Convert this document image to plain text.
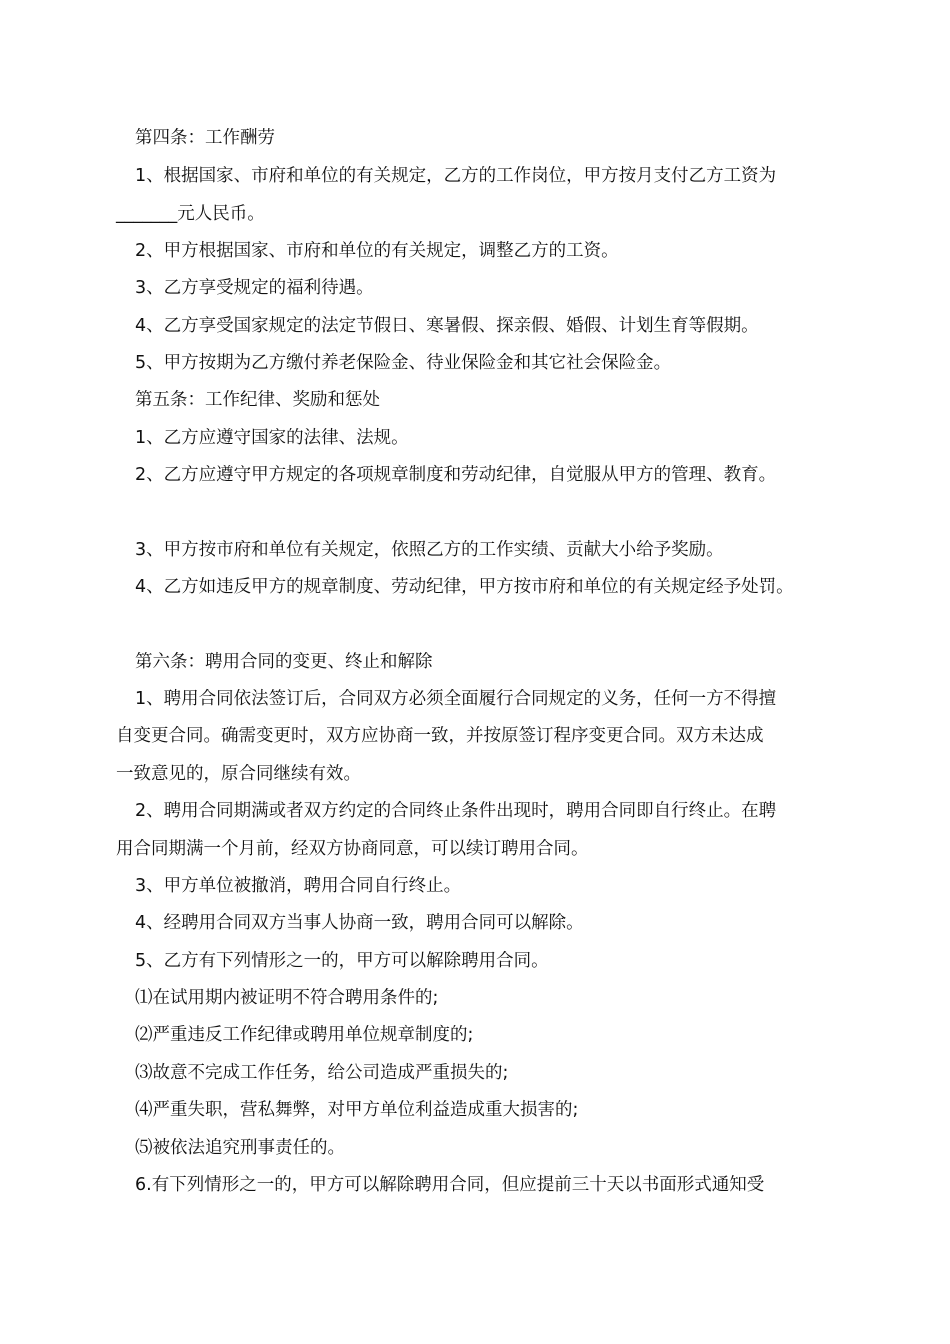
第四条：工作酬劳
1、根据国家、市府和单位的有关规定，乙方的工作岗位，甲方按月支付乙方工资为
_______元人民币。
2、甲方根据国家、市府和单位的有关规定，调整乙方的工资。
3、乙方享受规定的福利待遇。
4、乙方享受国家规定的法定节假日、寒暑假、探亲假、婚假、计划生育等假期。
5、甲方按期为乙方缴付养老保险金、待业保险金和其它社会保险金。
第五条：工作纪律、奖励和惩处
1、乙方应遵守国家的法律、法规。
2、乙方应遵守甲方规定的各项规章制度和劳动纪律，自觉服从甲方的管理、教育。
3、甲方按市府和单位有关规定，依照乙方的工作实绩、贡献大小给予奖励。
4、乙方如违反甲方的规章制度、劳动纪律，甲方按市府和单位的有关规定经予处罚。
第六条：聘用合同的变更、终止和解除
1、聘用合同依法签订后，合同双方必须全面履行合同规定的义务，任何一方不得擅
自变更合同。确需变更时，双方应协商一致，并按原签订程序变更合同。双方未达成
一致意见的，原合同继续有效。
2、聘用合同期满或者双方约定的合同终止条件出现时，聘用合同即自行终止。在聘
用合同期满一个月前，经双方协商同意，可以续订聘用合同。
3、甲方单位被撤消，聘用合同自行终止。
4、经聘用合同双方当事人协商一致，聘用合同可以解除。
5、乙方有下列情形之一的，甲方可以解除聘用合同。
⑴在试用期内被证明不符合聘用条件的;
⑵严重违反工作纪律或聘用单位规章制度的;
⑶故意不完成工作任务，给公司造成严重损失的;
⑷严重失职，营私舞弊，对甲方单位利益造成重大损害的;
⑸被依法追究刑事责任的。
6.有下列情形之一的，甲方可以解除聘用合同，但应提前三十天以书面形式通知受
